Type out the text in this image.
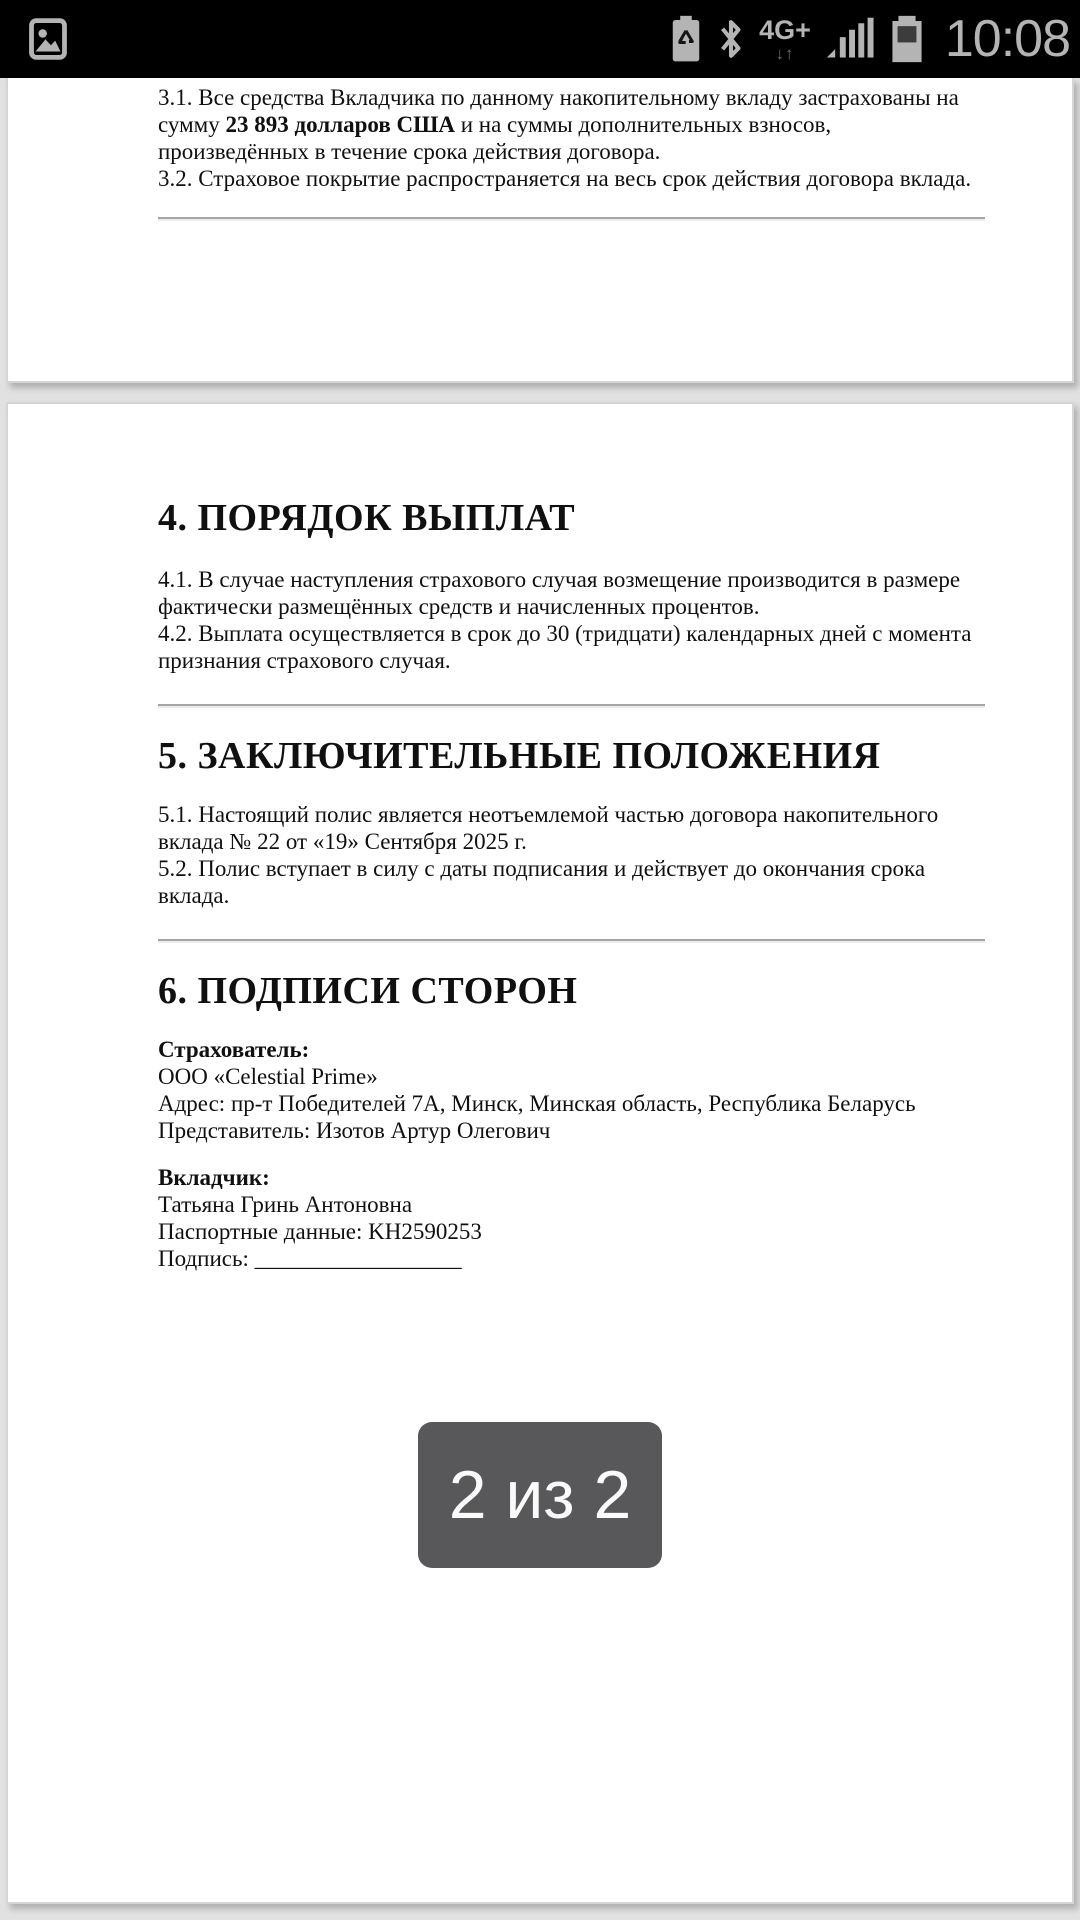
4G+
↓↑	10:08

3.1. Все средства Вкладчика по данному накопительному вкладу застрахованы на сумму 23 893 долларов США и на суммы дополнительных взносов, произведённых в течение срока действия договора.

3.2. Страховое покрытие распространяется на весь срок действия договора вклада.

4. ПОРЯДОК ВЫПЛАТ

4.1. В случае наступления страхового случая возмещение производится в размере фактически размещённых средств и начисленных процентов.

4.2. Выплата осуществляется в срок до 30 (тридцати) календарных дней с момента признания страхового случая.

5. ЗАКЛЮЧИТЕЛЬНЫЕ ПОЛОЖЕНИЯ

5.1. Настоящий полис является неотъемлемой частью договора накопительного вклада № 22 от «19» Сентября 2025 г.

5.2. Полис вступает в силу с даты подписания и действует до окончания срока вклада.

6. ПОДПИСИ СТОРОН

Страхователь:

ООО «Celestial Prime»

Адрес: пр-т Победителей 7А, Минск, Минская область, Республика Беларусь

Представитель: Изотов Артур Олегович

Вкладчик:

Татьяна Гринь Антоновна

Паспортные данные: KH2590253

Подпись: __________________

2 из 2
